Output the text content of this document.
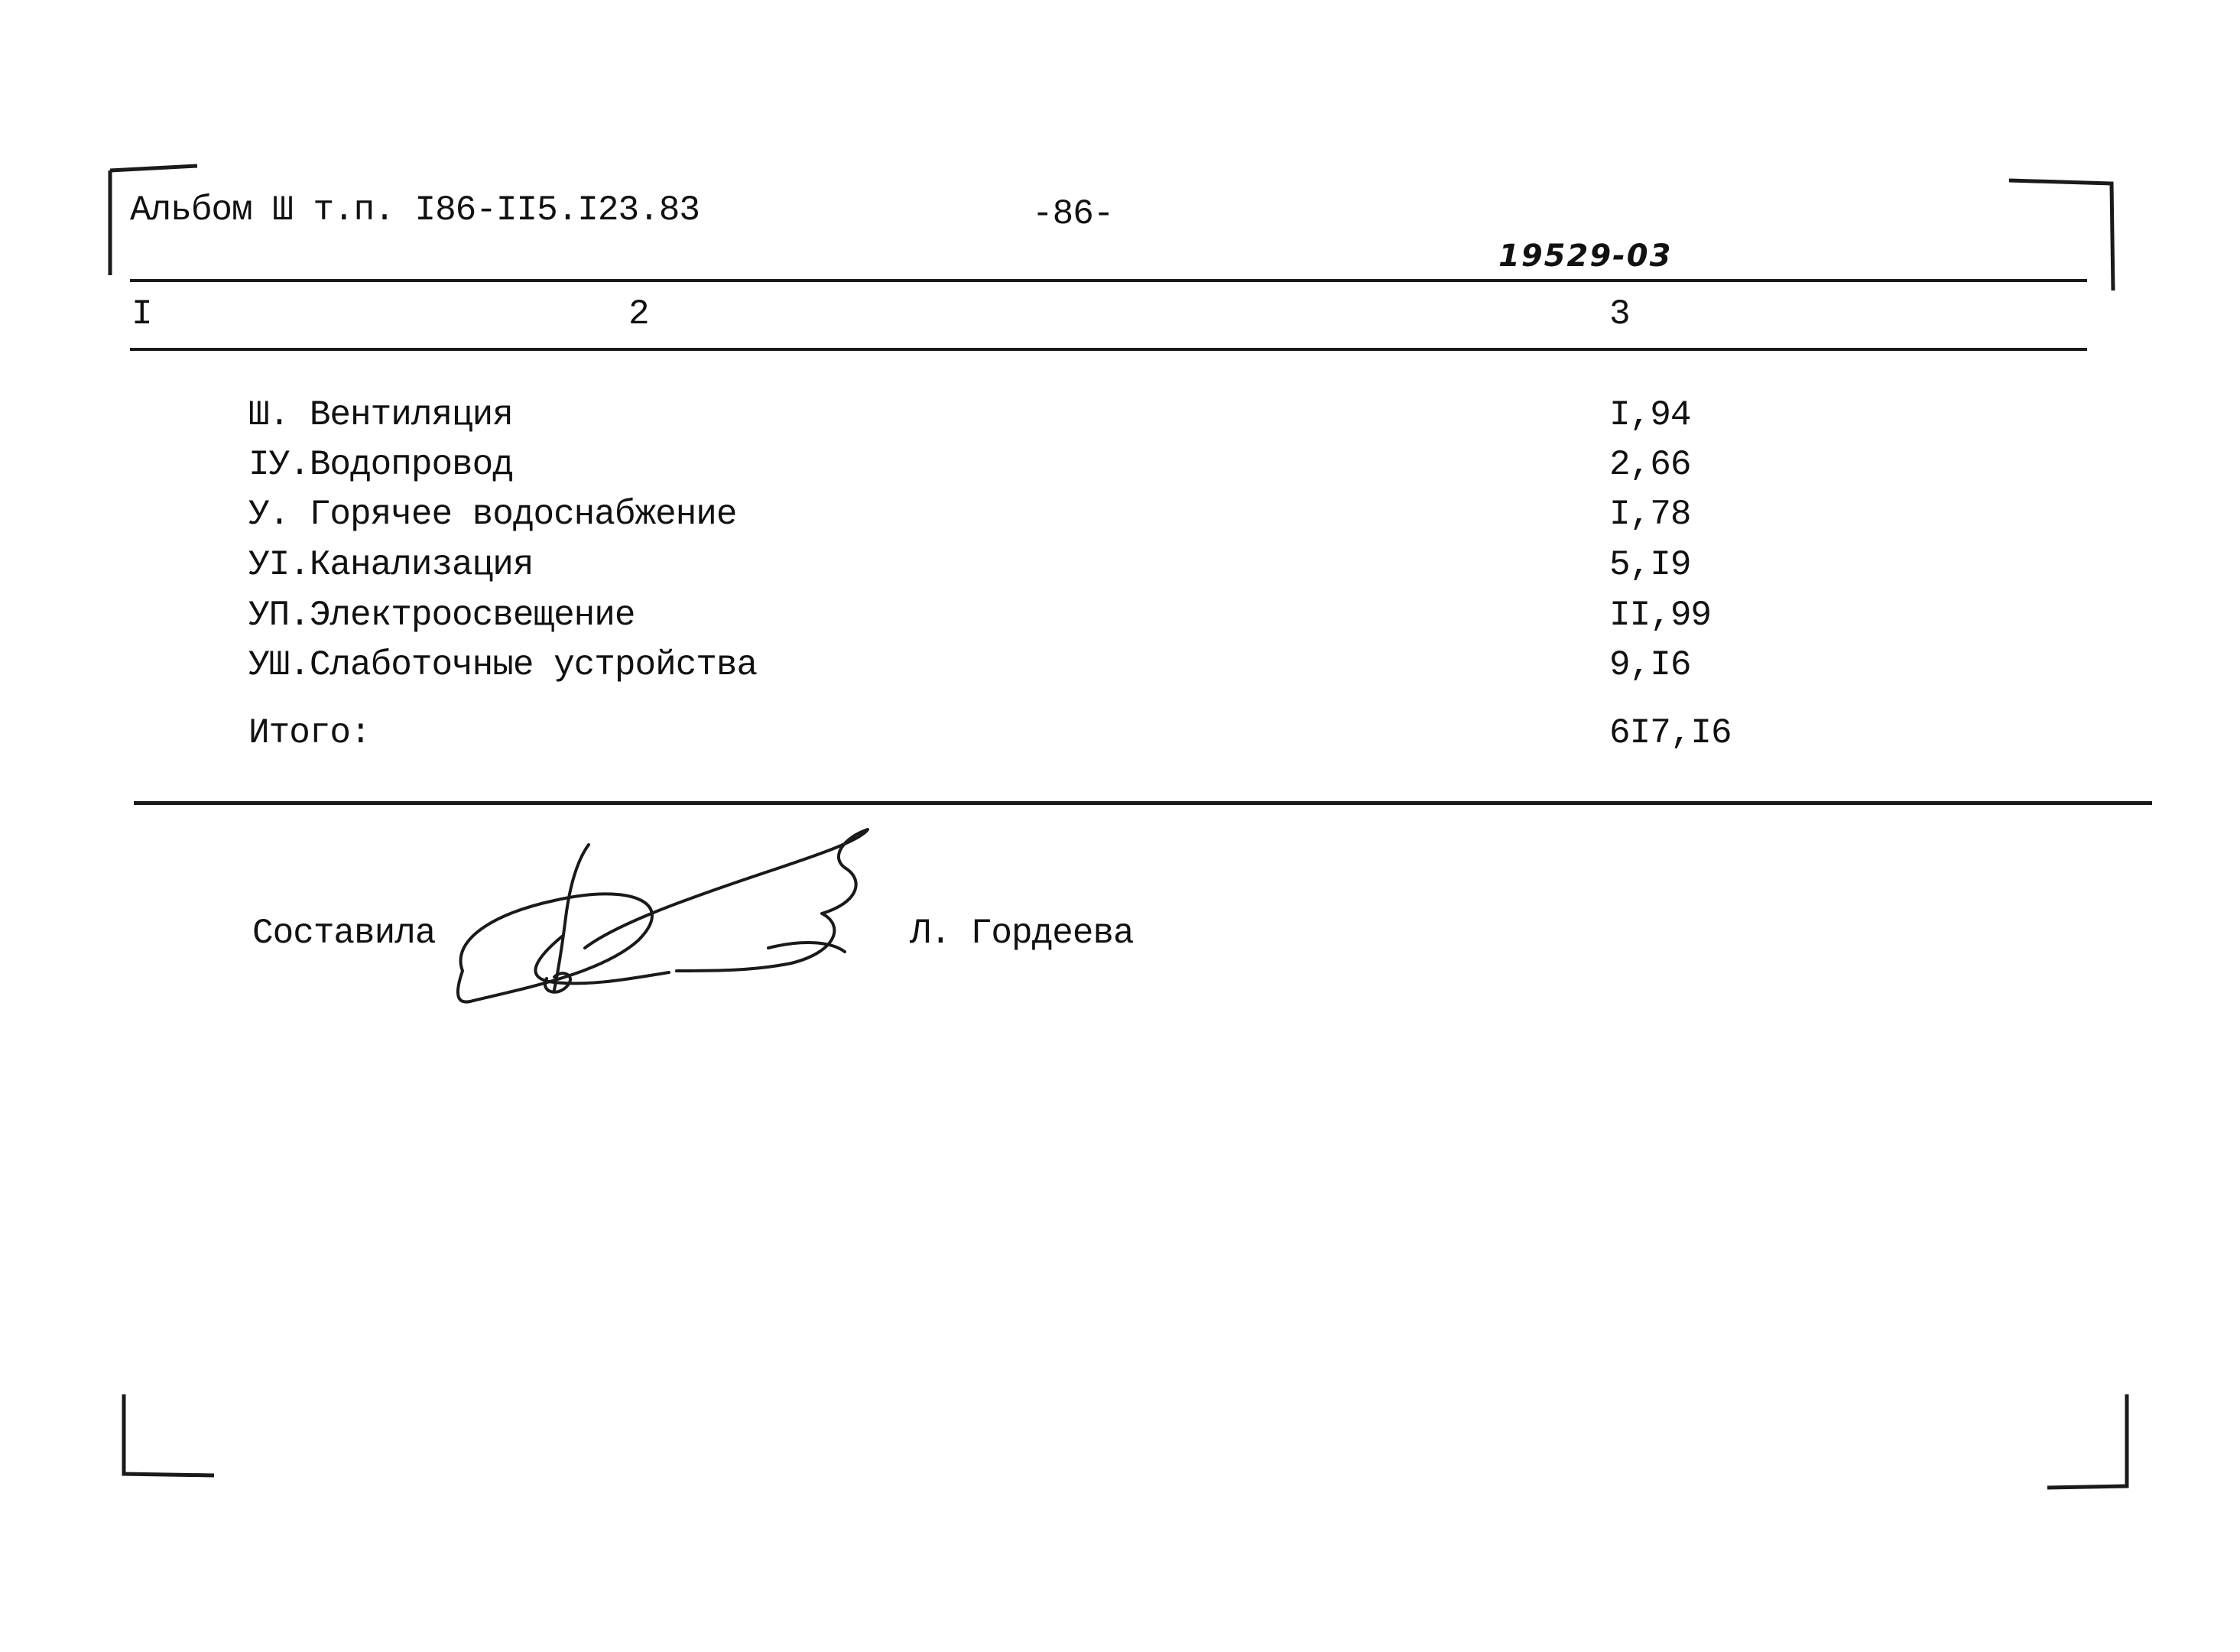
Альбом Ш т.п. I86-II5.I23.83	-86-
19529-03
I	2	3
Ш. Вентиляция	I,94
IУ.Водопровод	2,66
У. Горячее водоснабжение	I,78
УI.Канализация	5,I9
УП.Электроосвещение	II,99
УШ.Слаботочные устройства	9,I6
Итого:	6I7,I6
Составила	Л. Гордеева
